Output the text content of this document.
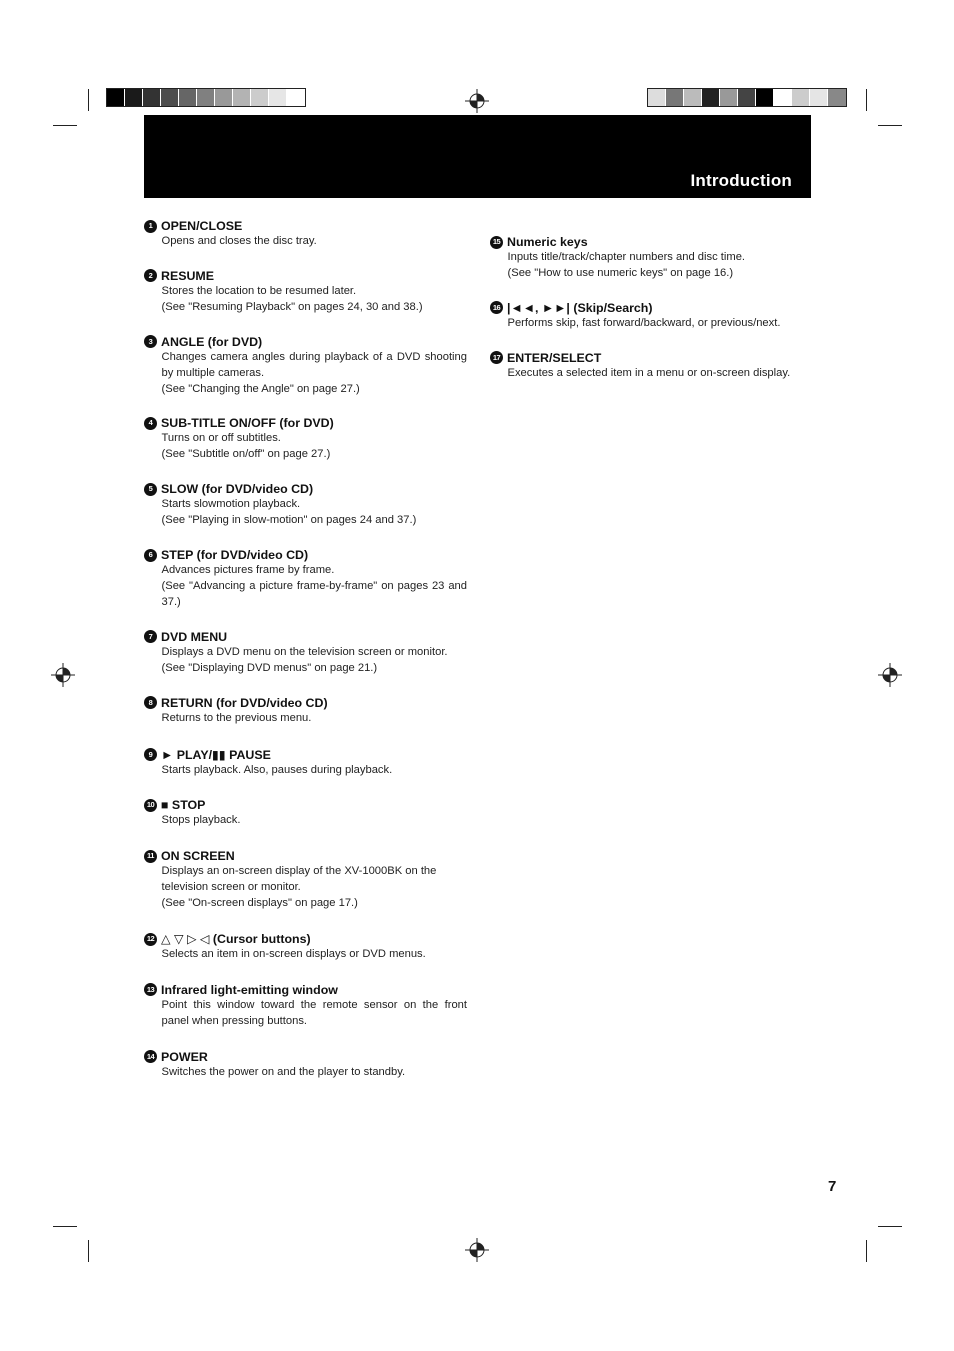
Introduction
1 OPEN/CLOSE
Opens and closes the disc tray.
2 RESUME
Stores the location to be resumed later.
(See "Resuming Playback" on pages 24, 30 and 38.)
3 ANGLE (for DVD)
Changes camera angles during playback of a DVD shooting by multiple cameras.
(See "Changing the Angle" on page 27.)
4 SUB-TITLE ON/OFF (for DVD)
Turns on or off subtitles.
(See "Subtitle on/off" on page 27.)
5 SLOW (for DVD/video CD)
Starts slowmotion playback.
(See "Playing in slow-motion" on pages 24 and 37.)
6 STEP (for DVD/video CD)
Advances pictures frame by frame.
(See "Advancing a picture frame-by-frame" on pages 23 and 37.)
7 DVD MENU
Displays a DVD menu on the television screen or monitor.
(See "Displaying DVD menus" on page 21.)
8 RETURN (for DVD/video CD)
Returns to the previous menu.
9 ► PLAY/▮▮ PAUSE
Starts playback. Also, pauses during playback.
10 ■ STOP
Stops playback.
11 ON SCREEN
Displays an on-screen display of the XV-1000BK on the television screen or monitor.
(See "On-screen displays" on page 17.)
12 △ ▽ ▷ ◁ (Cursor buttons)
Selects an item in on-screen displays or DVD menus.
13 Infrared light-emitting window
Point this window toward the remote sensor on the front panel when pressing buttons.
14 POWER
Switches the power on and the player to standby.
15 Numeric keys
Inputs title/track/chapter numbers and disc time.
(See "How to use numeric keys" on page 16.)
16 |◄◄, ►►| (Skip/Search)
Performs skip, fast forward/backward, or previous/next.
17 ENTER/SELECT
Executes a selected item in a menu or on-screen display.
7
